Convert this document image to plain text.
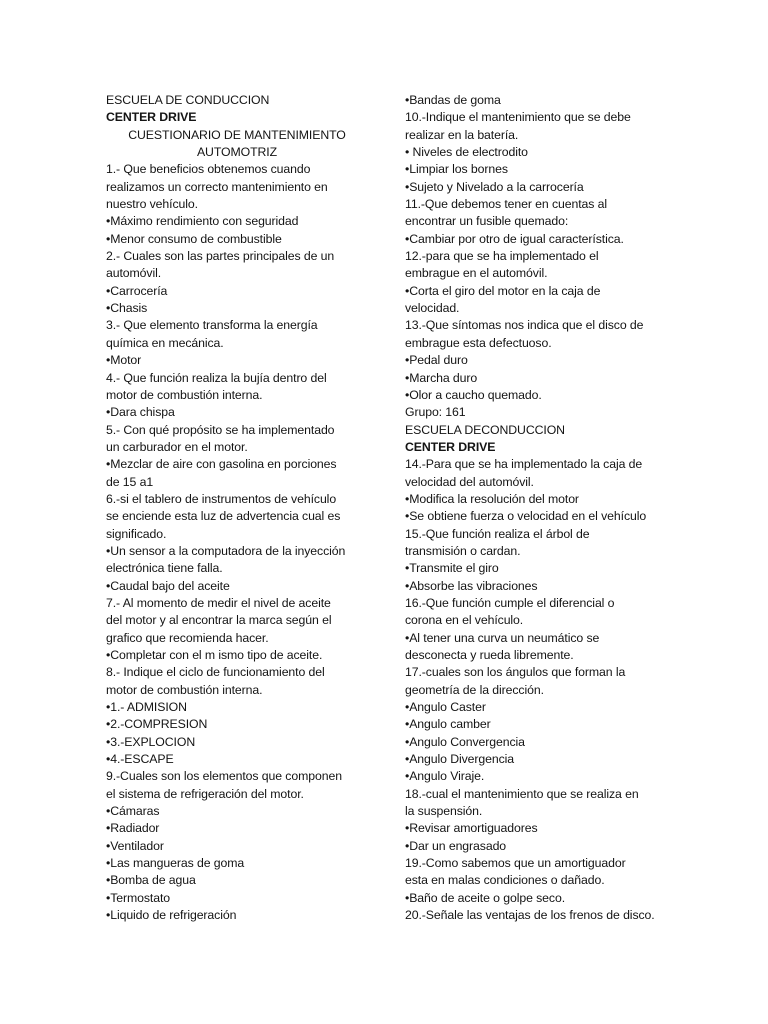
ESCUELA DE CONDUCCION
CENTER DRIVE
CUESTIONARIO DE MANTENIMIENTO
AUTOMOTRIZ
1.- Que beneficios obtenemos cuando
realizamos un correcto mantenimiento en
nuestro vehículo.
•Máximo rendimiento con seguridad
•Menor consumo de combustible
2.- Cuales son las partes principales de un
automóvil.
•Carrocería
•Chasis
3.- Que elemento transforma la energía
química en mecánica.
•Motor
4.- Que función realiza la bujía dentro del
motor de combustión interna.
•Dara chispa
5.- Con qué propósito se ha implementado
un carburador en el motor.
•Mezclar de aire con gasolina en porciones
de 15 a1
6.-si el tablero de instrumentos de vehículo
se enciende esta luz de advertencia cual es
significado.
•Un sensor a la computadora de la inyección
electrónica tiene falla.
•Caudal bajo del aceite
7.- Al momento de medir el nivel de aceite
del motor y al encontrar la marca según el
grafico que recomienda hacer.
•Completar con el m ismo tipo de aceite.
8.- Indique el ciclo de funcionamiento del
motor de combustión interna.
•1.- ADMISION
•2.-COMPRESION
•3.-EXPLOCION
•4.-ESCAPE
9.-Cuales son los elementos que componen
el sistema de refrigeración del motor.
•Cámaras
•Radiador
•Ventilador
•Las mangueras de goma
•Bomba de agua
•Termostato
•Liquido de refrigeración
•Bandas de goma
10.-Indique el mantenimiento que se debe
realizar en la batería.
• Niveles de electrodito
•Limpiar los bornes
•Sujeto y Nivelado a la carrocería
11.-Que debemos tener en cuentas al
encontrar un fusible quemado:
•Cambiar por otro de igual característica.
12.-para que se ha implementado el
embrague en el automóvil.
•Corta el giro del motor en la caja de
velocidad.
13.-Que síntomas nos indica que el disco de
embrague esta defectuoso.
•Pedal duro
•Marcha duro
•Olor a caucho quemado.
Grupo: 161
ESCUELA DECONDUCCION
CENTER DRIVE
14.-Para que se ha implementado la caja de
velocidad del automóvil.
•Modifica la resolución del motor
•Se obtiene fuerza o velocidad en el vehículo
15.-Que función realiza el árbol de
transmisión o cardan.
•Transmite el giro
•Absorbe las vibraciones
16.-Que función cumple el diferencial o
corona en el vehículo.
•Al tener una curva un neumático se
desconecta y rueda libremente.
17.-cuales son los ángulos que forman la
geometría de la dirección.
•Angulo Caster
•Angulo camber
•Angulo Convergencia
•Angulo Divergencia
•Angulo Viraje.
18.-cual el mantenimiento que se realiza en
la suspensión.
•Revisar amortiguadores
•Dar un engrasado
19.-Como sabemos que un amortiguador
esta en malas condiciones o dañado.
•Baño de aceite o golpe seco.
20.-Señale las ventajas de los frenos de disco.
